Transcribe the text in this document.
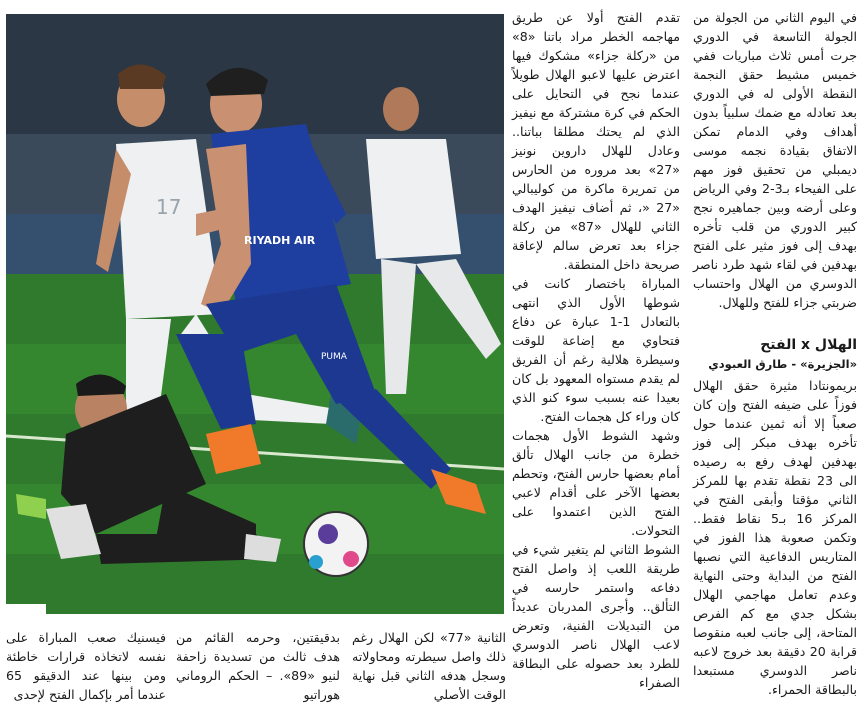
في اليوم الثاني من الجولة من الجولة التاسعة في الدوري جرت أمس ثلاث مباريات ففي خميس مشيط حقق النجمة النقطة الأولى له في الدوري بعد تعادله مع ضمك سلبياً بدون أهداف وفي الدمام تمكن الاتفاق بقيادة نجمه موسى ديمبلي من تحقيق فوز مهم على الفيحاء بـ3-2 وفي الرياض وعلى أرضه وبين جماهيره نجح كبير الدوري من قلب تأخره بهدف إلى فوز مثير على الفتح بهدفين في لقاء شهد طرد ناصر الدوسري من الهلال واحتساب ضربتي جزاء للفتح وللهلال.

الهلال x الفتح
«الجزيرة» - طارق العبودي

بريمونتادا مثيرة حقق الهلال فوزاً على ضيفه الفتح وإن كان صعباً إلا أنه ثمين عندما حول تأخره بهدف مبكر إلى فوز بهدفين لهدف رفع به رصيده الى 23 نقطة تقدم بها للمركز الثاني مؤقتا وأبقى الفتح في المركز 16 بـ5 نقاط فقط.. وتكمن صعوبة هذا الفوز في المتاريس الدفاعية التي نصبها الفتح من البداية وحتى النهاية وعدم تعامل مهاجمي الهلال بشكل جدي مع كم الفرص المتاحة، إلى جانب لعبه منقوصا قرابة 20 دقيقة بعد خروج لاعبه ناصر الدوسري مستبعدا بالبطاقة الحمراء.

تقدم الفتح أولا عن طريق مهاجمه الخطر مراد باتنا «8» من «ركلة جزاء» مشكوك فيها اعترض عليها لاعبو الهلال طويلاً عندما نجح في التحايل على الحكم في كرة مشتركة مع نيفيز الذي لم يحتك مطلقا بباتنا.. وعادل للهلال داروين نونيز «27» بعد مروره من الحارس من تمريرة ماكرة من كوليبالي «27 «، ثم أضاف نيفيز الهدف الثاني للهلال «87» من ركلة جزاء بعد تعرض سالم لإعاقة صريحة داخل المنطقة.

المباراة باختصار كانت في شوطها الأول الذي انتهى بالتعادل 1-1 عبارة عن دفاع فتحاوي مع إضاعة للوقت وسيطرة هلالية رغم أن الفريق لم يقدم مستواه المعهود بل كان بعيدا عنه بسبب سوء كنو الذي كان وراء كل هجمات الفتح.

وشهد الشوط الأول هجمات خطرة من جانب الهلال تألق أمام بعضها حارس الفتح، وتحطم بعضها الآخر على أقدام لاعبي الفتح الذين اعتمدوا على التحولات.

الشوط الثاني لم يتغير شيء في طريقة اللعب إذ واصل الفتح دفاعه واستمر حارسه في التألق.. وأجرى المدربان عديداً من التبديلات الفنية، وتعرض لاعب الهلال ناصر الدوسري للطرد بعد حصوله على البطاقة الصفراء

17
RIYADH AIR
PUMA
الثانية «77» لكن الهلال رغم ذلك واصل سيطرته ومحاولاته وسجل هدفه الثاني قبل نهاية الوقت الأصلي
بدقيقتين، وحرمه القائم من هدف ثالث من تسديدة زاحفة لنيو «89». – الحكم الروماني هوراتيو
فيسنيك صعب المباراة على نفسه لاتخاذه قرارات خاطئة ومن بينها عند الدقيقو 65 عندما أمر بإكمال الفتح لإحدى
